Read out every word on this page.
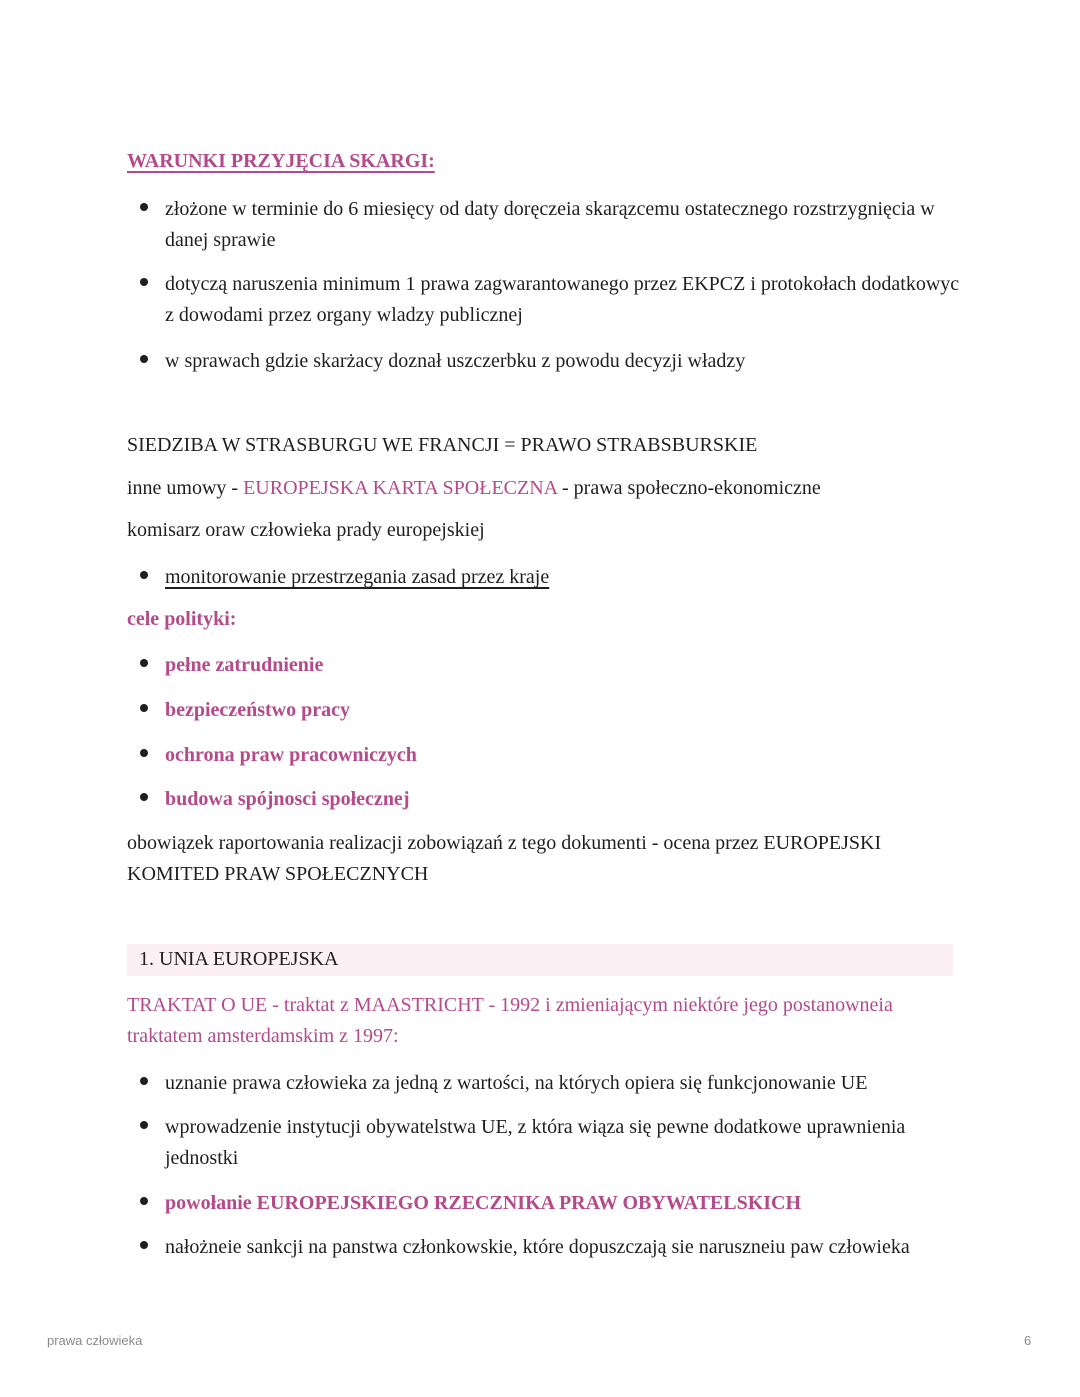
WARUNKI PRZYJĘCIA SKARGI:
złożone w terminie do 6 miesięcy od daty doręczeia skarązcemu ostatecznego rozstrzygnięcia w danej sprawie
dotyczą naruszenia minimum 1 prawa zagwarantowanego przez EKPCZ i protokołach dodatkowyc z dowodami przez organy wladzy publicznej
w sprawach gdzie skarżacy doznał uszczerbku z powodu decyzji władzy
SIEDZIBA W STRASBURGU WE FRANCJI = PRAWO STRABSBURSKIE
inne umowy - EUROPEJSKA KARTA SPOŁECZNA - prawa społeczno-ekonomiczne
komisarz oraw człowieka prady europejskiej
monitorowanie przestrzegania zasad przez kraje
cele polityki:
pełne zatrudnienie
bezpieczeństwo pracy
ochrona praw pracowniczych
budowa spójnosci społecznej
obowiązek raportowania realizacji zobowiązań z tego dokumenti - ocena przez EUROPEJSKI KOMITED PRAW SPOŁECZNYCH
1. UNIA EUROPEJSKA
TRAKTAT O UE - traktat z MAASTRICHT - 1992 i zmieniającym niektóre jego postanowneia traktatem amsterdamskim z 1997:
uznanie prawa człowieka za jedną z wartości, na których opiera się funkcjonowanie UE
wprowadzenie instytucji obywatelstwa UE, z która wiąza się pewne dodatkowe uprawnienia jednostki
powołanie EUROPEJSKIEGO RZECZNIKA PRAW OBYWATELSKICH
nałożneie sankcji na panstwa członkowskie, które dopuszczają sie naruszneiu paw człowieka
prawa człowieka	6
